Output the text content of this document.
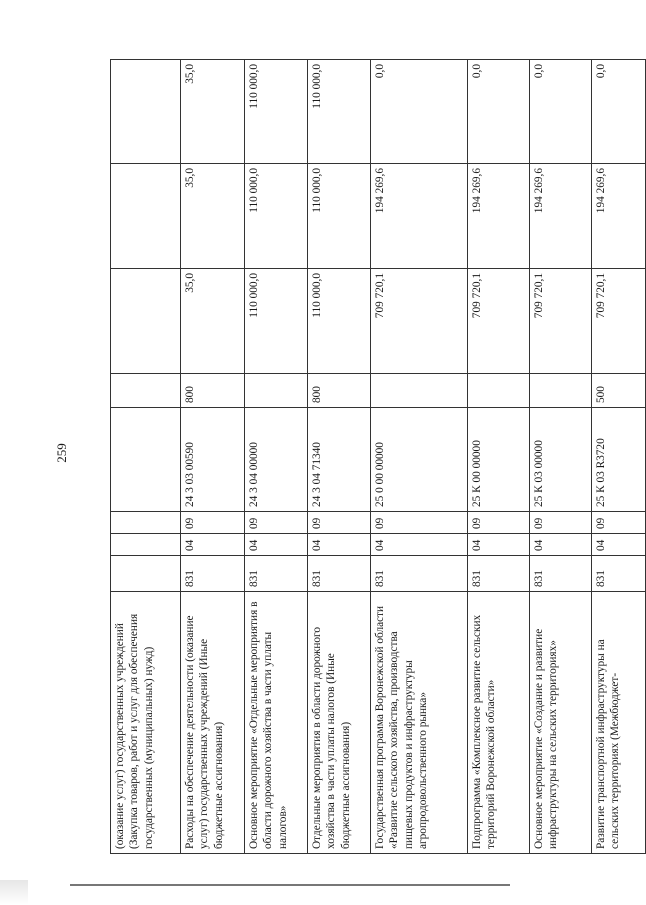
259
(оказание услуг) государственных учреждений (Закупка товаров, работ и услуг для обеспечения государственных (муниципальных) нужд)								
Расходы на обеспечение деятельности (оказание услуг) государственных учреждений (Иные бюджетные ассигнования)	831	04	09	24 3 03 00590	800	35,0	35,0	35,0
Основное мероприятие «Отдельные мероприятия в области дорожного хозяйства в части уплаты налогов»	831	04	09	24 3 04 00000		110 000,0	110 000,0	110 000,0
Отдельные мероприятия в области дорожного хозяйства в части уплаты налогов (Иные бюджетные ассигнования)	831	04	09	24 3 04 71340	800	110 000,0	110 000,0	110 000,0
Государственная программа Воронежской области «Развитие сельского хозяйства, производства пищевых продуктов и инфраструктуры агропродовольственного рынка»	831	04	09	25 0 00 00000		709 720,1	194 269,6	0,0
Подпрограмма «Комплексное развитие сельских территорий Воронежской области»	831	04	09	25 К 00 00000		709 720,1	194 269,6	0,0
Основное мероприятие «Создание и развитие инфраструктуры на сельских территориях»	831	04	09	25 К 03 00000		709 720,1	194 269,6	0,0
Развитие транспортной инфраструктуры на сельских территориях (Межбюджет-	831	04	09	25 К 03 R3720	500	709 720,1	194 269,6	0,0
